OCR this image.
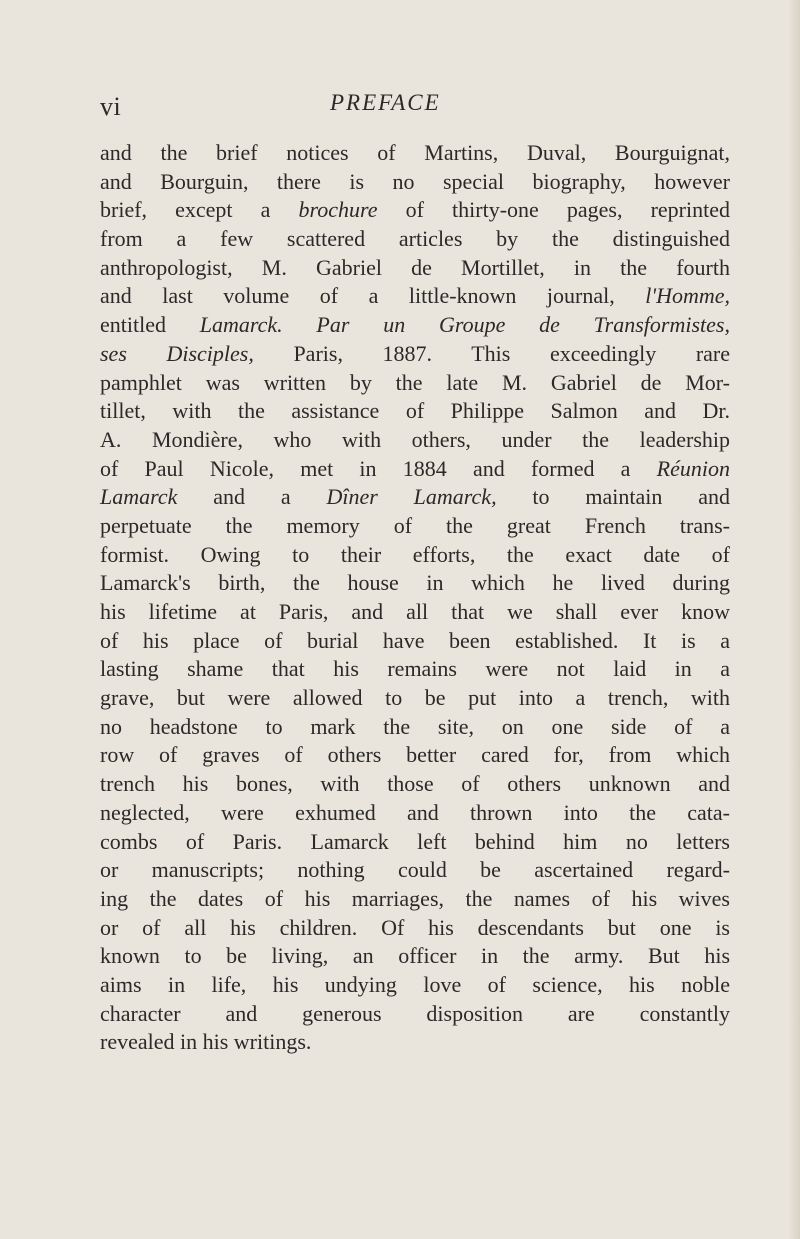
vi	PREFACE
and the brief notices of Martins, Duval, Bourguignat,
and Bourguin, there is no special biography, however
brief, except a brochure of thirty-one pages, reprinted
from a few scattered articles by the distinguished
anthropologist, M. Gabriel de Mortillet, in the fourth
and last volume of a little-known journal, l'Homme,
entitled Lamarck. Par un Groupe de Transformistes,
ses Disciples, Paris, 1887. This exceedingly rare
pamphlet was written by the late M. Gabriel de Mor-
tillet, with the assistance of Philippe Salmon and Dr.
A. Mondière, who with others, under the leadership
of Paul Nicole, met in 1884 and formed a Réunion
Lamarck and a Dîner Lamarck, to maintain and
perpetuate the memory of the great French trans-
formist. Owing to their efforts, the exact date of
Lamarck's birth, the house in which he lived during
his lifetime at Paris, and all that we shall ever know
of his place of burial have been established. It is a
lasting shame that his remains were not laid in a
grave, but were allowed to be put into a trench, with
no headstone to mark the site, on one side of a
row of graves of others better cared for, from which
trench his bones, with those of others unknown and
neglected, were exhumed and thrown into the cata-
combs of Paris. Lamarck left behind him no letters
or manuscripts; nothing could be ascertained regard-
ing the dates of his marriages, the names of his wives
or of all his children. Of his descendants but one is
known to be living, an officer in the army. But his
aims in life, his undying love of science, his noble
character and generous disposition are constantly
revealed in his writings.
